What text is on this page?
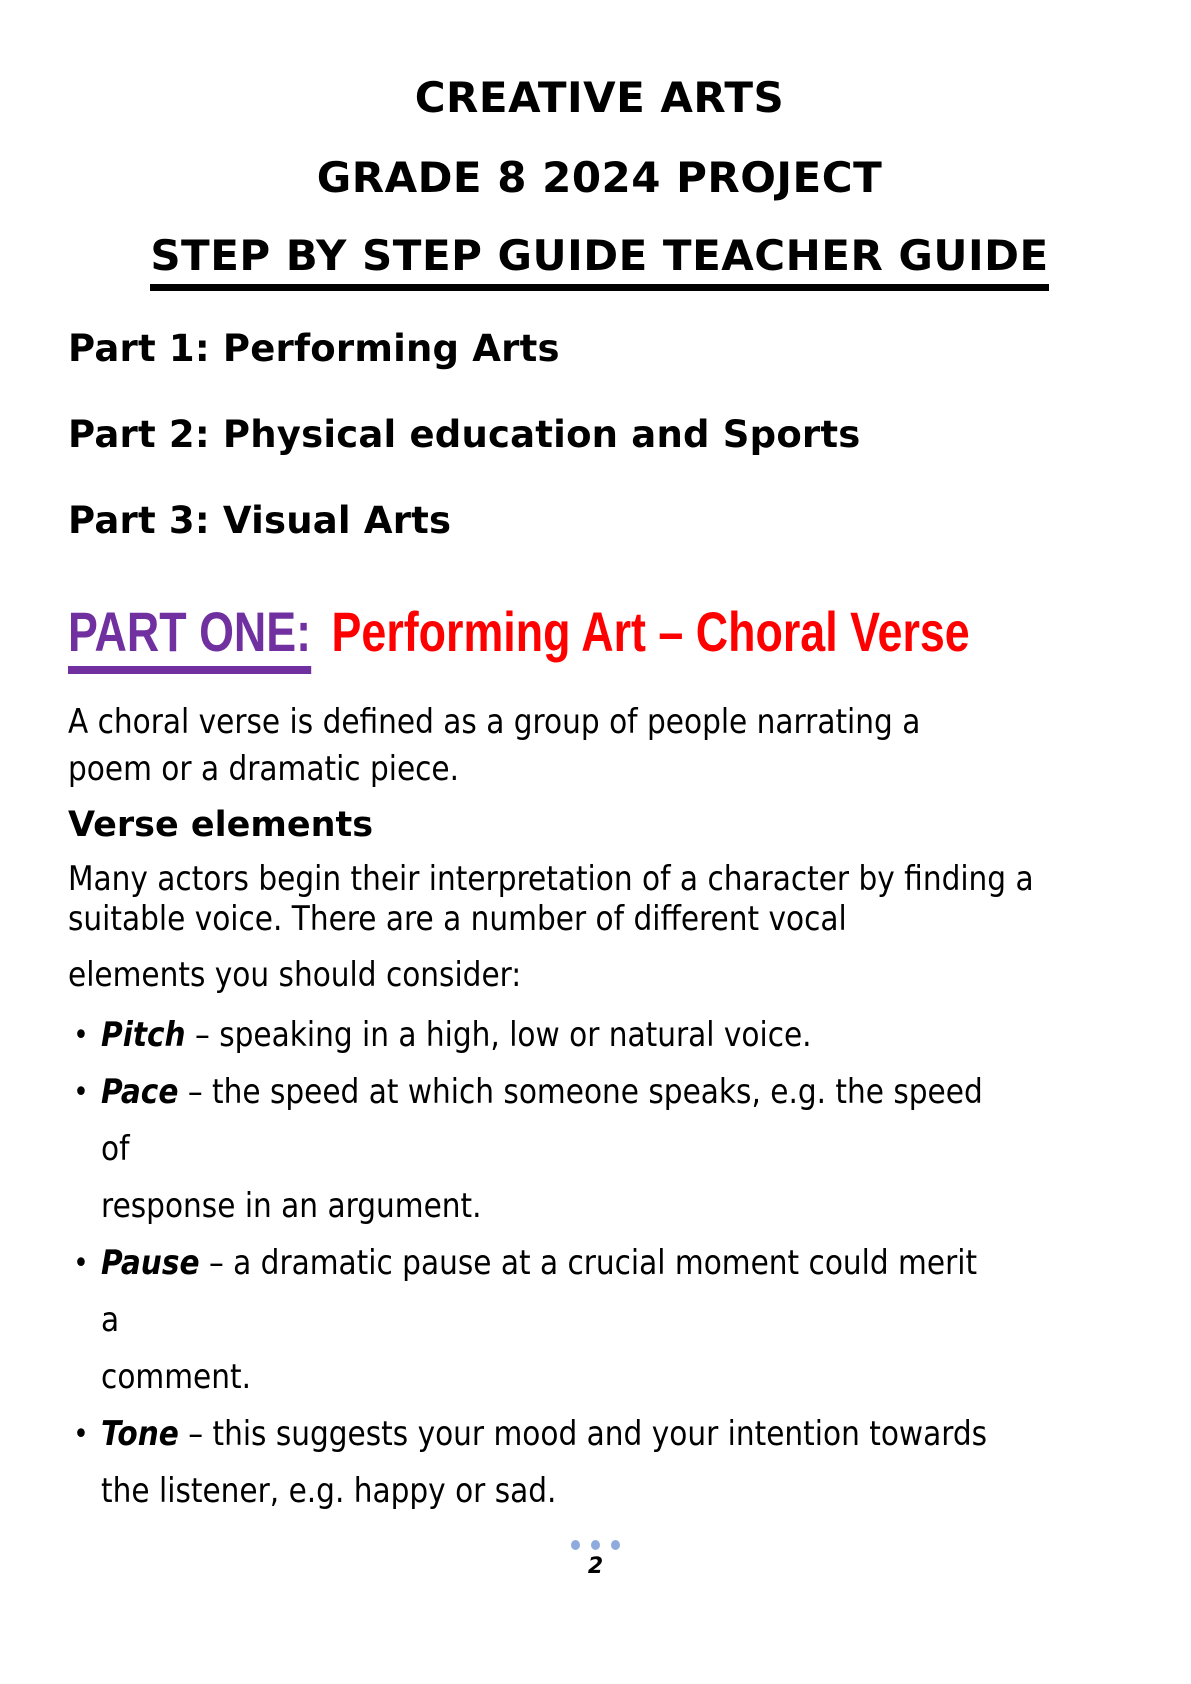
CREATIVE ARTS
GRADE 8 2024 PROJECT
STEP BY STEP GUIDE TEACHER GUIDE
Part 1: Performing Arts
Part 2: Physical education and Sports
Part 3: Visual Arts
PART ONE: Performing Art – Choral Verse

A choral verse is defined as a group of people narrating a
poem or a dramatic piece.

Verse elements

Many actors begin their interpretation of a character by finding a
suitable voice. There are a number of different vocal

elements you should consider:

• Pitch – speaking in a high, low or natural voice.
• Pace – the speed at which someone speaks, e.g. the speed of
response in an argument.
• Pause – a dramatic pause at a crucial moment could merit a
comment.
• Tone – this suggests your mood and your intention towards
the listener, e.g. happy or sad.

2
